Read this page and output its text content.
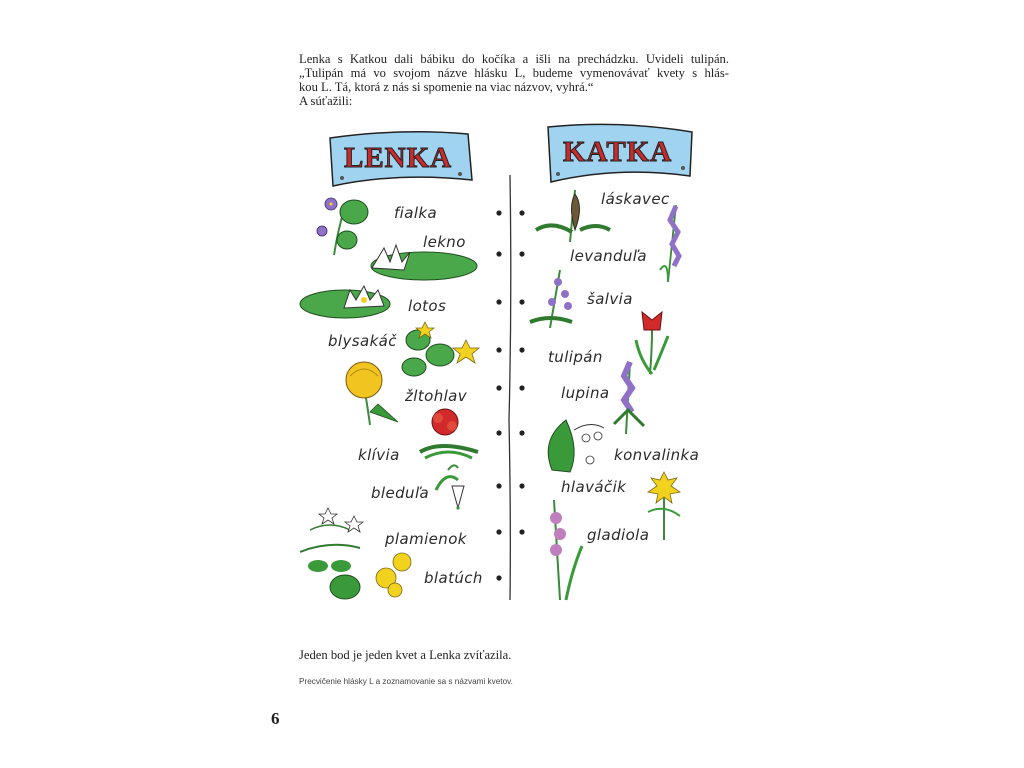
Lenka s Katkou dali bábiku do kočíka a išli na prechádzku. Uvideli tulipán.
„Tulipán má vo svojom názve hlásku L, budeme vymenovávať kvety s hlás-
kou L. Tá, ktorá z nás si spomenie na viac názvov, vyhrá.“
A súťažili:
LENKA	KATKA
fialka
lekno
lotos
blysakáč
žltohlav
klívia
bleduľa
plamienok
blatúch
láskavec
levanduľa
šalvia
tulipán
lupina
konvalinka
hlaváčik
gladiola
Jeden bod je jeden kvet a Lenka zvíťazila.
Precvičenie hlásky L a zoznamovanie sa s názvami kvetov.
6
